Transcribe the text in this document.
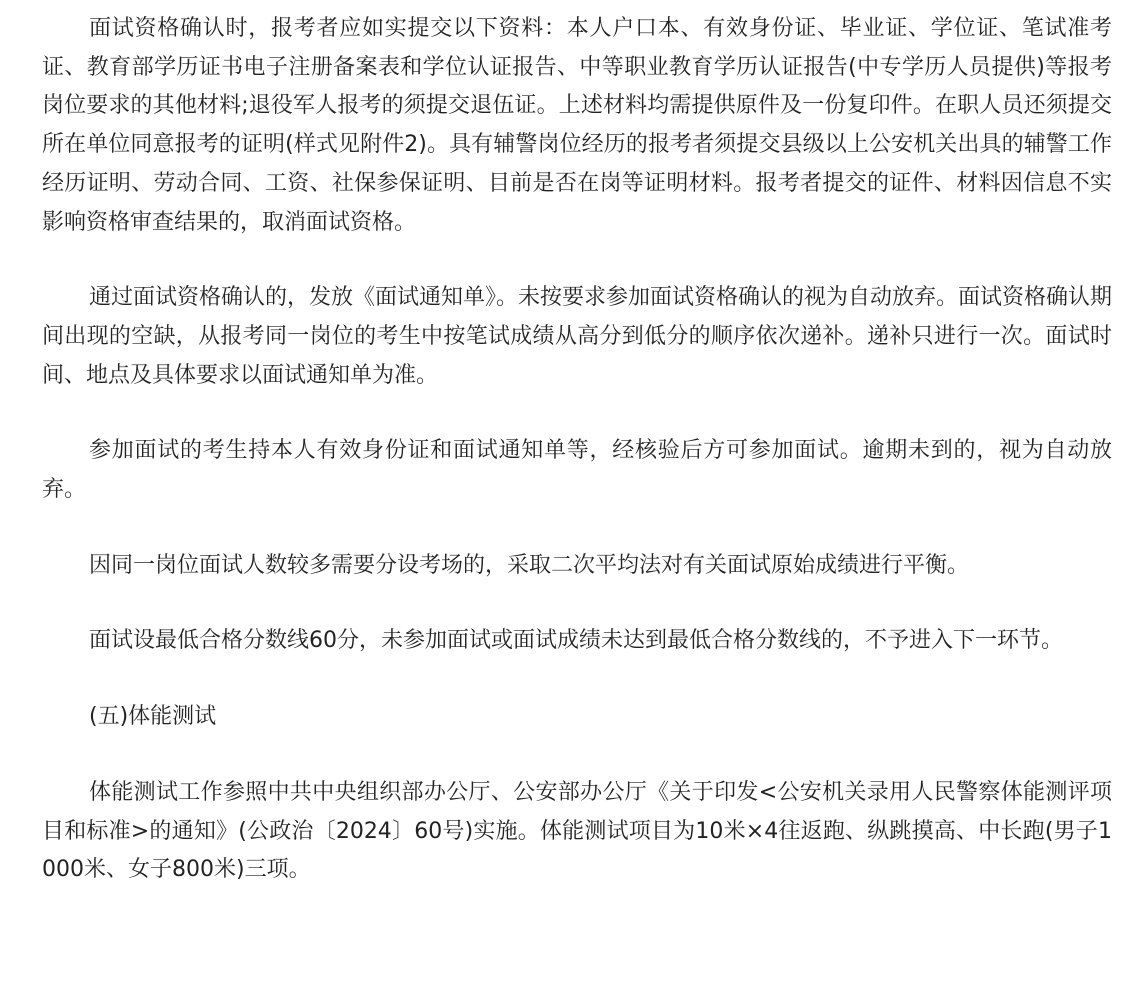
面试资格确认时，报考者应如实提交以下资料：本人户口本、有效身份证、毕业证、学位证、笔试准考证、教育部学历证书电子注册备案表和学位认证报告、中等职业教育学历认证报告(中专学历人员提供)等报考岗位要求的其他材料;退役军人报考的须提交退伍证。上述材料均需提供原件及一份复印件。在职人员还须提交所在单位同意报考的证明(样式见附件2)。具有辅警岗位经历的报考者须提交县级以上公安机关出具的辅警工作经历证明、劳动合同、工资、社保参保证明、目前是否在岗等证明材料。报考者提交的证件、材料因信息不实影响资格审查结果的，取消面试资格。

通过面试资格确认的，发放《面试通知单》。未按要求参加面试资格确认的视为自动放弃。面试资格确认期间出现的空缺，从报考同一岗位的考生中按笔试成绩从高分到低分的顺序依次递补。递补只进行一次。面试时间、地点及具体要求以面试通知单为准。

参加面试的考生持本人有效身份证和面试通知单等，经核验后方可参加面试。逾期未到的，视为自动放弃。

因同一岗位面试人数较多需要分设考场的，采取二次平均法对有关面试原始成绩进行平衡。

面试设最低合格分数线60分，未参加面试或面试成绩未达到最低合格分数线的，不予进入下一环节。

(五)体能测试

体能测试工作参照中共中央组织部办公厅、公安部办公厅《关于印发<公安机关录用人民警察体能测评项目和标准>的通知》(公政治〔2024〕60号)实施。体能测试项目为10米×4往返跑、纵跳摸高、中长跑(男子1000米、女子800米)三项。
